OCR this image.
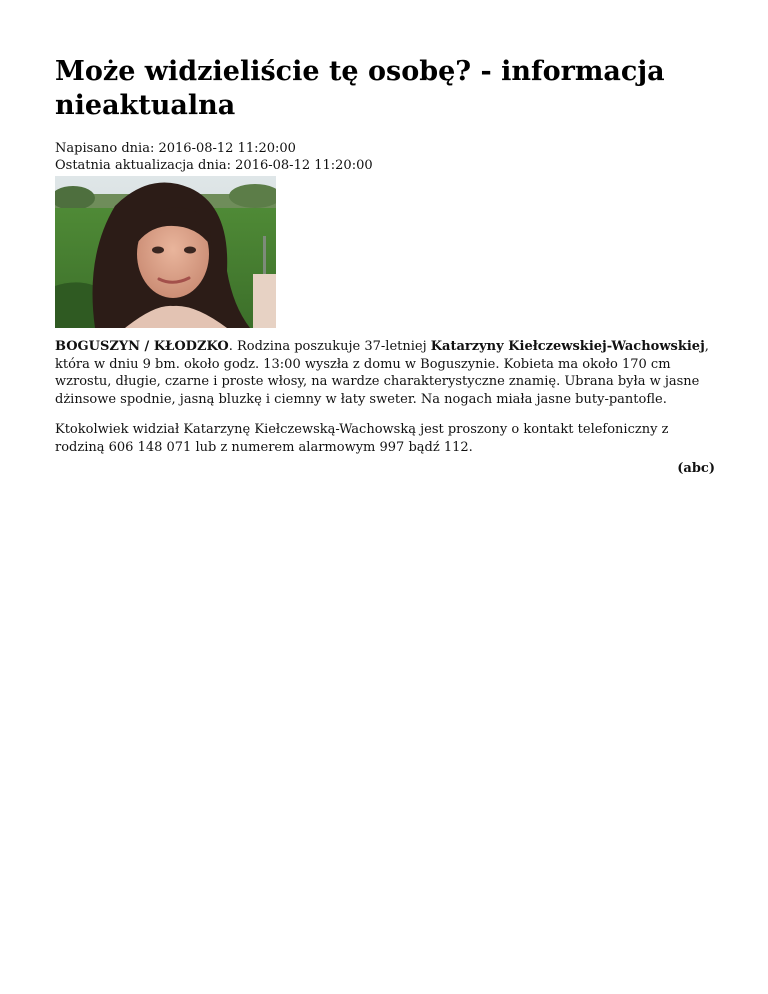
Może widzieliście tę osobę? - informacja nieaktualna
Napisano dnia: 2016-08-12 11:20:00
Ostatnia aktualizacja dnia: 2016-08-12 11:20:00

BOGUSZYN / KŁODZKO. Rodzina poszukuje 37-letniej Katarzyny Kiełczewskiej-Wachowskiej, która w dniu 9 bm. około godz. 13:00 wyszła z domu w Boguszynie. Kobieta ma około 170 cm wzrostu, długie, czarne i proste włosy, na wardze charakterystyczne znamię. Ubrana była w jasne dżinsowe spodnie, jasną bluzkę i ciemny w łaty sweter. Na nogach miała jasne buty-pantofle.

Ktokolwiek widział Katarzynę Kiełczewską-Wachowską jest proszony o kontakt telefoniczny z rodziną 606 148 071 lub z numerem alarmowym 997 bądź 112.

(abc)
